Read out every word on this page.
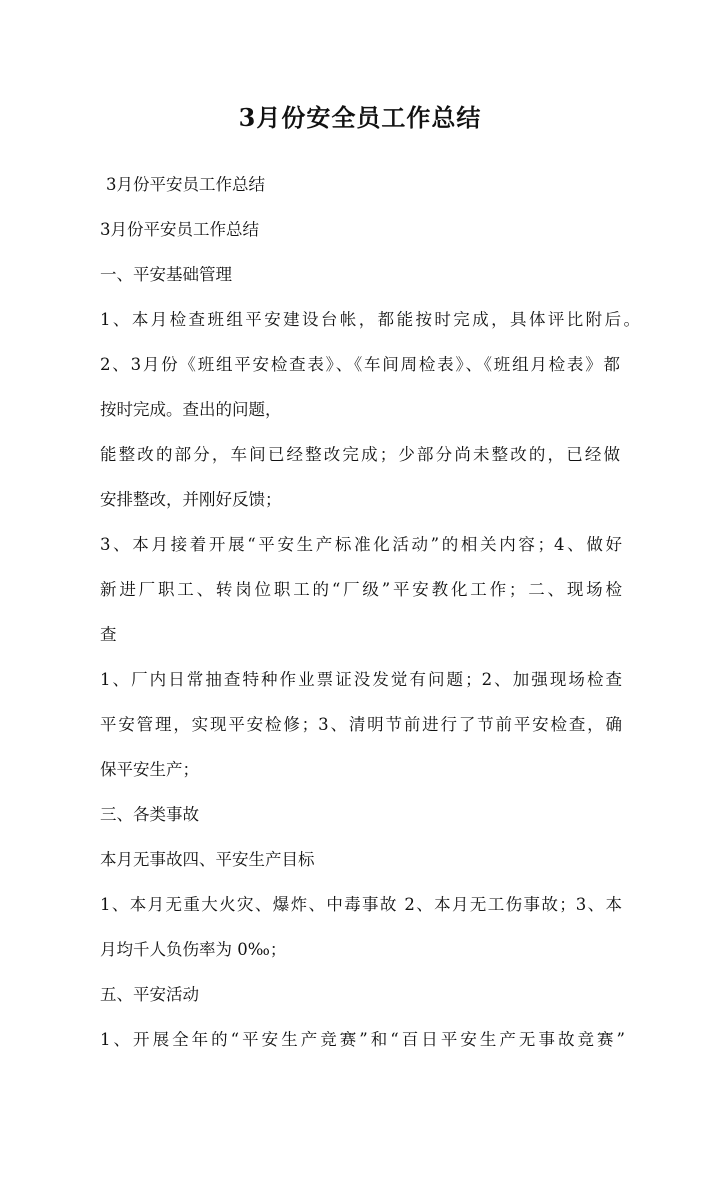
3月份安全员工作总结

3月份平安员工作总结

3月份平安员工作总结

一、平安基础管理

1、本月检查班组平安建设台帐，都能按时完成，具体评比附后。

2、3月份《班组平安检查表》、《车间周检表》、《班组月检表》都

按时完成。查出的问题，

能整改的部分，车间已经整改完成；少部分尚未整改的，已经做

安排整改，并刚好反馈；

3、本月接着开展“平安生产标准化活动”的相关内容；4、做好

新进厂职工、转岗位职工的“厂级”平安教化工作；二、现场检

查

1、厂内日常抽查特种作业票证没发觉有问题；2、加强现场检查

平安管理，实现平安检修；3、清明节前进行了节前平安检查，确

保平安生产；

三、各类事故

本月无事故四、平安生产目标

1、本月无重大火灾、爆炸、中毒事故 2、本月无工伤事故；3、本

月均千人负伤率为 0‰；

五、平安活动

1、开展全年的“平安生产竞赛”和“百日平安生产无事故竞赛”
